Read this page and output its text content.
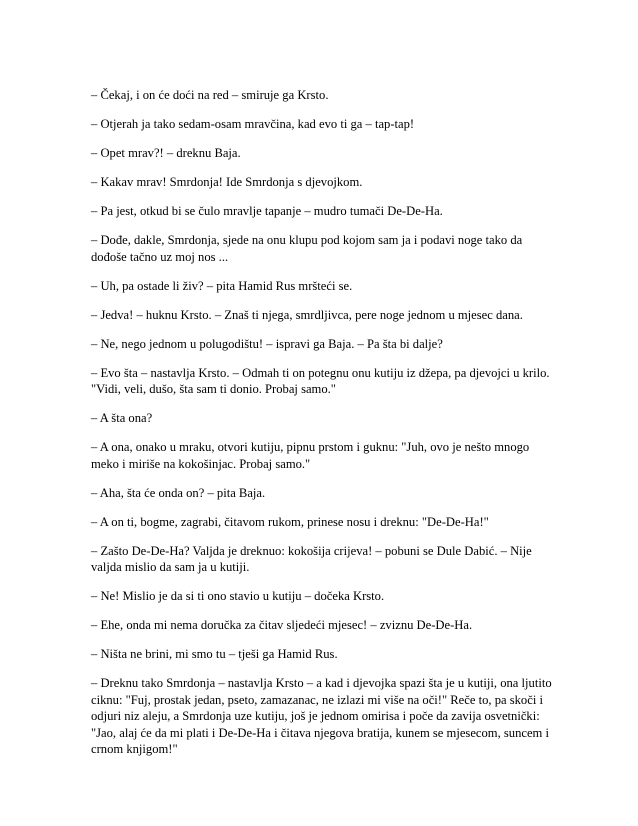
– Čekaj, i on će doći na red – smiruje ga Krsto.

– Otjerah ja tako sedam-osam mravčina, kad evo ti ga – tap-tap!

– Opet mrav?! – dreknu Baja.

– Kakav mrav! Smrdonja! Ide Smrdonja s djevojkom.

– Pa jest, otkud bi se čulo mravlje tapanje – mudro tumači De-De-Ha.

– Dođe, dakle, Smrdonja, sjede na onu klupu pod kojom sam ja i podavi noge tako da dođoše tačno uz moj nos ...

– Uh, pa ostade li živ? – pita Hamid Rus mršteći se.

– Jedva! – huknu Krsto. – Znaš ti njega, smrdljivca, pere noge jednom u mjesec dana.

– Ne, nego jednom u polugodištu! – ispravi ga Baja. – Pa šta bi dalje?

– Evo šta – nastavlja Krsto. – Odmah ti on potegnu onu kutiju iz džepa, pa djevojci u krilo. "Vidi, veli, dušo, šta sam ti donio. Probaj samo."

– A šta ona?

– A ona, onako u mraku, otvori kutiju, pipnu prstom i guknu: "Juh, ovo je nešto mnogo meko i miriše na kokošinjac. Probaj samo."

– Aha, šta će onda on? – pita Baja.

– A on ti, bogme, zagrabi, čitavom rukom, prinese nosu i dreknu: "De-De-Ha!"

– Zašto De-De-Ha? Valjda je dreknuo: kokošija crijeva! – pobuni se Dule Dabić. – Nije valjda mislio da sam ja u kutiji.

– Ne! Mislio je da si ti ono stavio u kutiju – dočeka Krsto.

– Ehe, onda mi nema doručka za čitav sljedeći mjesec! – zviznu De-De-Ha.

– Ništa ne brini, mi smo tu – tješi ga Hamid Rus.

– Dreknu tako Smrdonja – nastavlja Krsto – a kad i djevojka spazi šta je u kutiji, ona ljutito ciknu: "Fuj, prostak jedan, pseto, zamazanac, ne izlazi mi više na oči!" Reče to, pa skoči i odjuri niz aleju, a Smrdonja uze kutiju, još je jednom omirisa i poče da zavija osvetnički: "Jao, alaj će da mi plati i De-De-Ha i čitava njegova bratija, kunem se mjesecom, suncem i crnom knjigom!"
